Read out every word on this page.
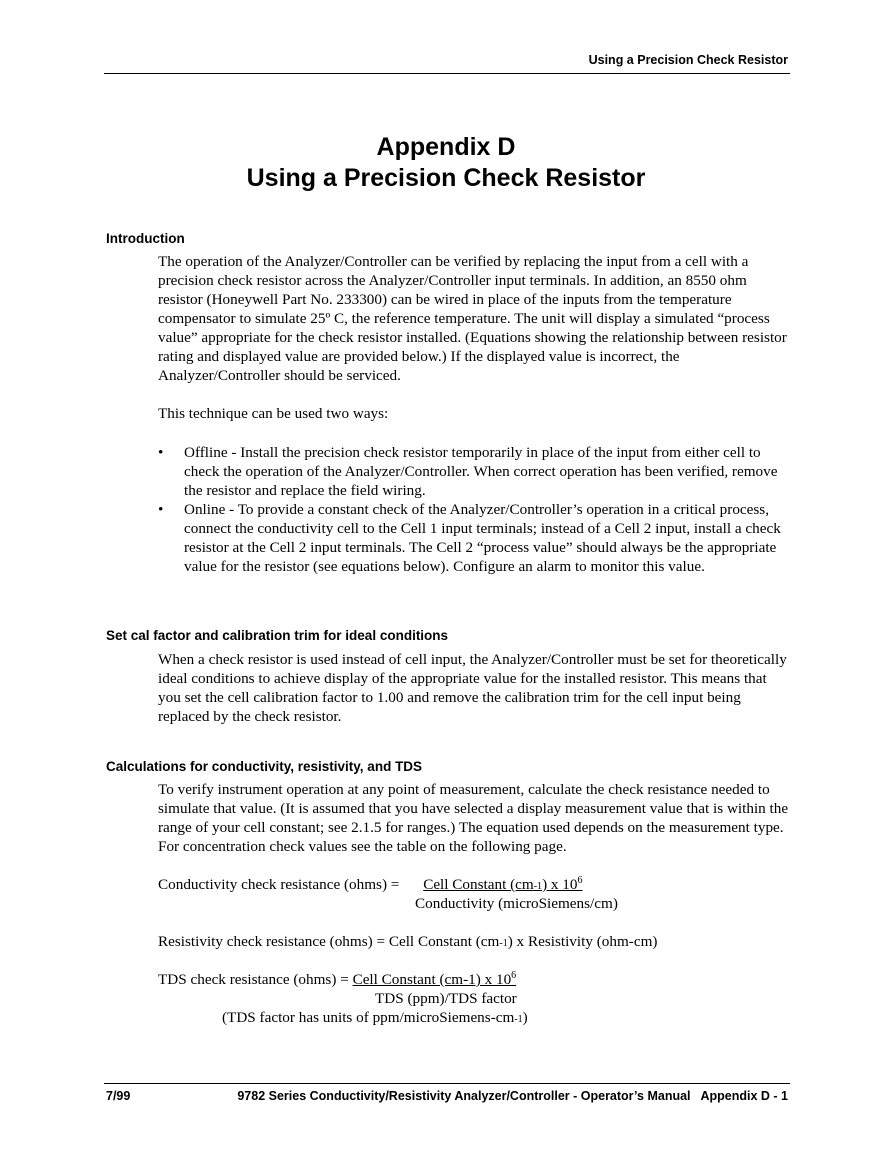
Using a Precision Check Resistor
Appendix D
Using a Precision Check Resistor
Introduction
The operation of the Analyzer/Controller can be verified by replacing the input from a cell with a precision check resistor across the Analyzer/Controller input terminals. In addition, an 8550 ohm resistor (Honeywell Part No. 233300) can be wired in place of the inputs from the temperature compensator to simulate 25º C, the reference temperature. The unit will display a simulated “process value” appropriate for the check resistor installed. (Equations showing the relationship between resistor rating and displayed value are provided below.) If the displayed value is incorrect, the Analyzer/Controller should be serviced.
This technique can be used two ways:
• Offline - Install the precision check resistor temporarily in place of the input from either cell to check the operation of the Analyzer/Controller. When correct operation has been verified, remove the resistor and replace the field wiring.
• Online - To provide a constant check of the Analyzer/Controller’s operation in a critical process, connect the conductivity cell to the Cell 1 input terminals; instead of a Cell 2 input, install a check resistor at the Cell 2 input terminals. The Cell 2 “process value” should always be the appropriate value for the resistor (see equations below). Configure an alarm to monitor this value.
Set cal factor and calibration trim for ideal conditions
When a check resistor is used instead of cell input, the Analyzer/Controller must be set for theoretically ideal conditions to achieve display of the appropriate value for the installed resistor. This means that you set the cell calibration factor to 1.00 and remove the calibration trim for the cell input being replaced by the check resistor.
Calculations for conductivity, resistivity, and TDS
To verify instrument operation at any point of measurement, calculate the check resistance needed to simulate that value. (It is assumed that you have selected a display measurement value that is within the range of your cell constant; see 2.1.5 for ranges.) The equation used depends on the measurement type. For concentration check values see the table on the following page.
Conductivity check resistance (ohms) = Cell Constant (cm-1) x $10^6$
Conductivity (microSiemens/cm)
Resistivity check resistance (ohms) = Cell Constant (cm-1) x Resistivity (ohm-cm)
TDS check resistance (ohms) = Cell Constant (cm-1) x $10^6$
TDS (ppm)/TDS factor
(TDS factor has units of ppm/microSiemens-cm-1)
7/99	9782 Series Conductivity/Resistivity Analyzer/Controller - Operator’s Manual Appendix D - 1
